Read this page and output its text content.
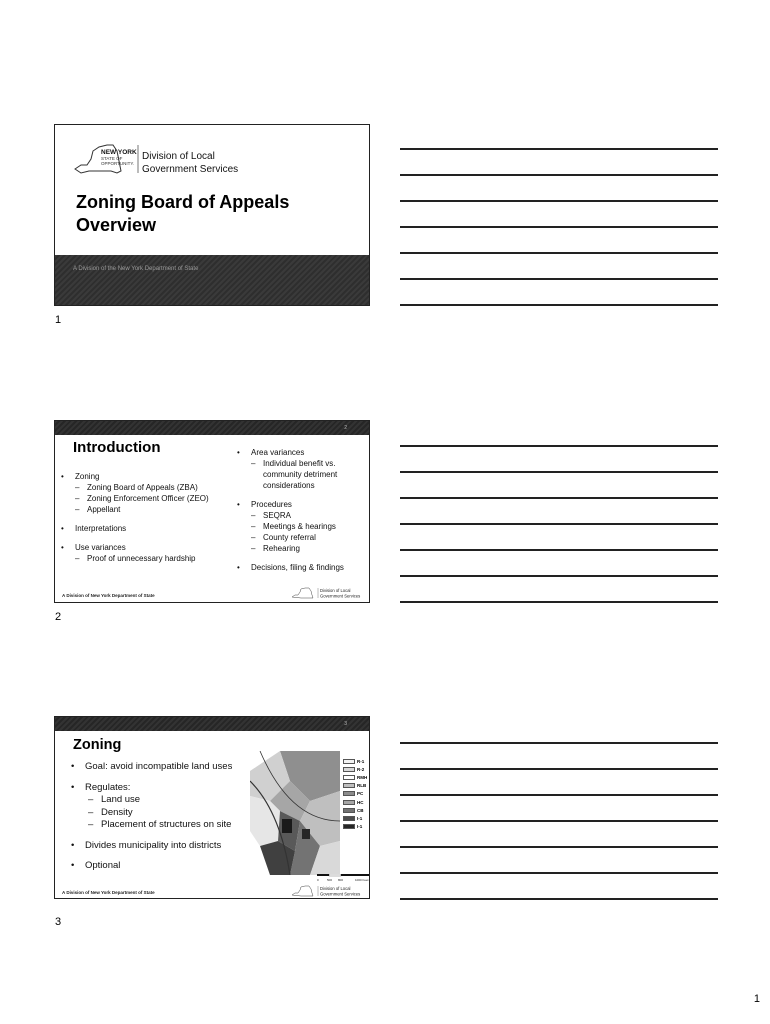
NEW YORK
STATE OF
OPPORTUNITY.
Division of Local
Government Services
Zoning Board of Appeals
Overview
A Division of the New York Department of State
1
2
Introduction
• Zoning
– Zoning Board of Appeals (ZBA)
– Zoning Enforcement Officer (ZEO)
– Appellant
• Interpretations
• Use variances
– Proof of unnecessary hardship
• Area variances
– Individual benefit vs. community detriment considerations
• Procedures
– SEQRA
– Meetings & hearings
– County referral
– Rehearing
• Decisions, filing & findings
A Division of New York Department of State
Division of Local
Government Services
2
3
Zoning
• Goal: avoid incompatible land uses
• Regulates:
– Land use
– Density
– Placement of structures on site
• Divides municipality into districts
• Optional
R-1
R-2
RMH
RLB
PC
HC
CB
I-1
I-1
0	500 800	1000 Feet
A Division of New York Department of State
Division of Local
Government Services
3
1
